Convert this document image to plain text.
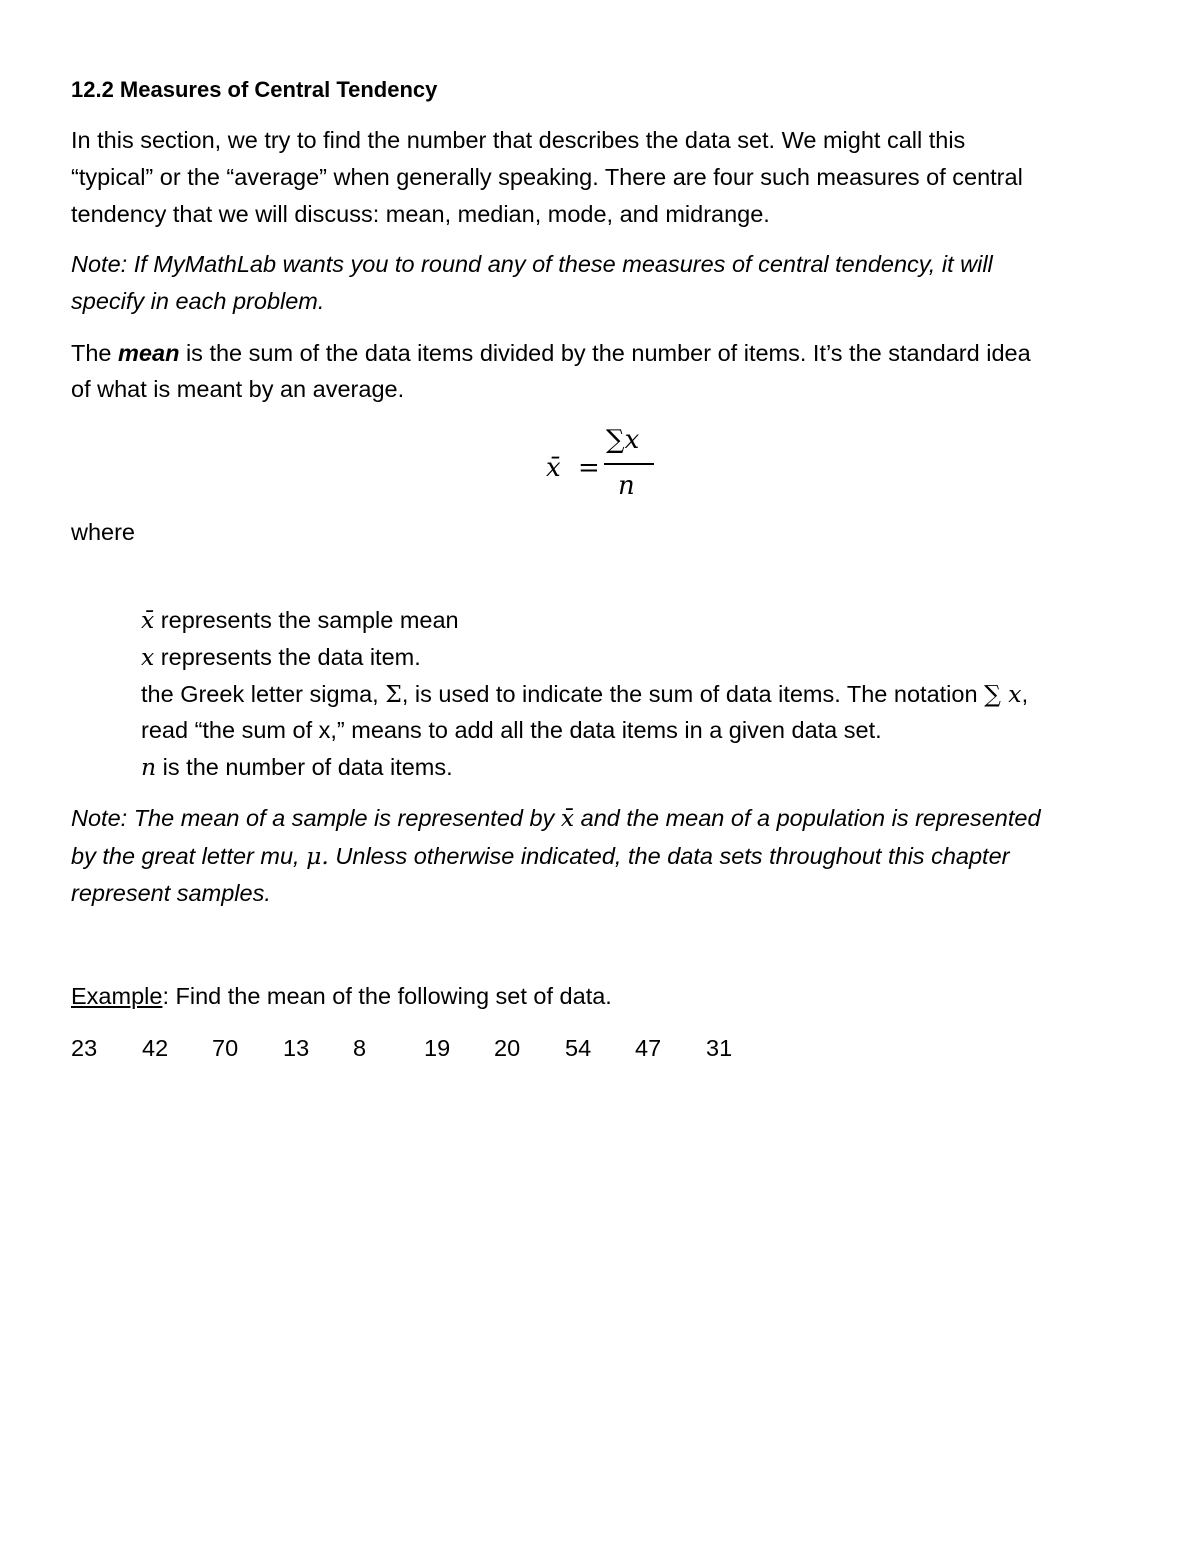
12.2 Measures of Central Tendency
In this section, we try to find the number that describes the data set. We might call this
“typical” or the “average” when generally speaking. There are four such measures of central
tendency that we will discuss: mean, median, mode, and midrange.
Note: If MyMathLab wants you to round any of these measures of central tendency, it will
specify in each problem.
The mean is the sum of the data items divided by the number of items. It’s the standard idea
of what is meant by an average.
x̄ =
∑x
n
where
x̄ represents the sample mean
x represents the data item.
the Greek letter sigma, Σ, is used to indicate the sum of data items. The notation ∑ x,
read “the sum of x,” means to add all the data items in a given data set.
n is the number of data items.
Note: The mean of a sample is represented by x̄ and the mean of a population is represented
by the great letter mu, μ. Unless otherwise indicated, the data sets throughout this chapter
represent samples.
Example: Find the mean of the following set of data.
23 42 70 13 8 19 20 54 47 31
